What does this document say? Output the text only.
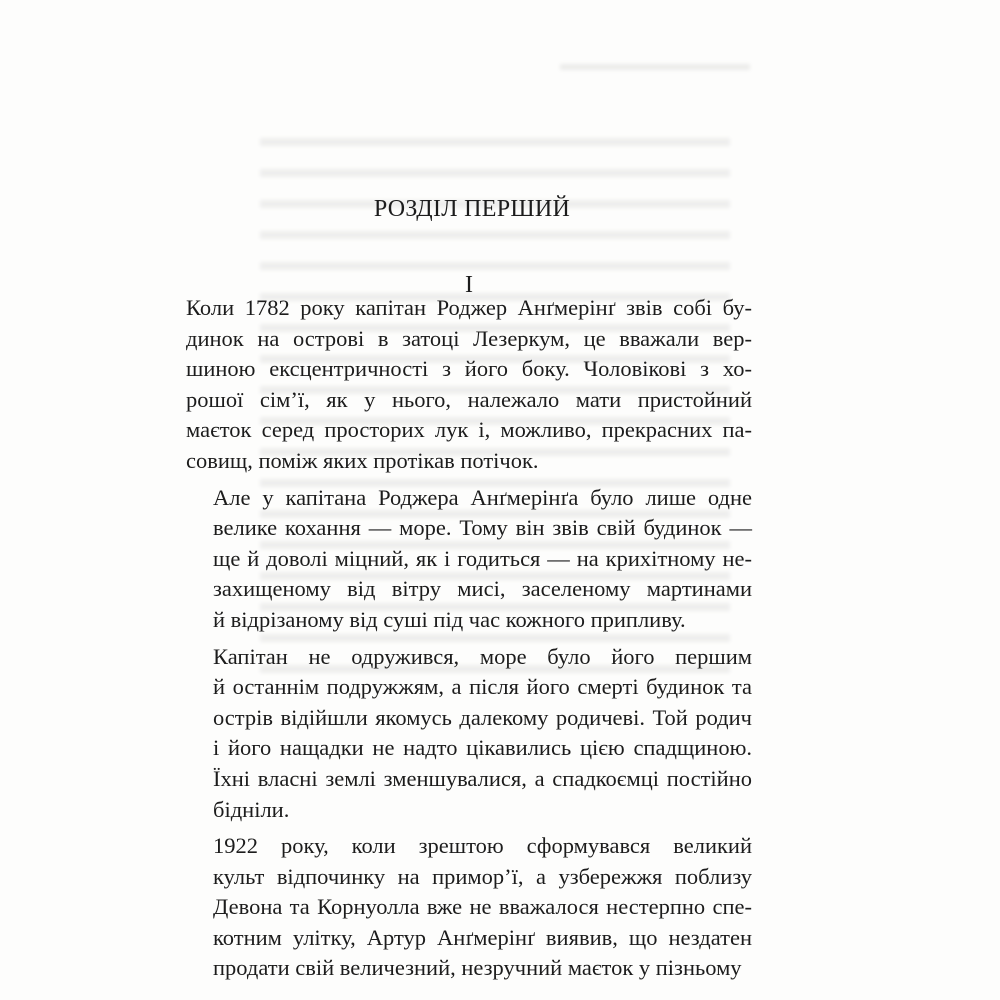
РОЗДІЛ ПЕРШИЙ
I
Коли 1782 року капітан Роджер Анґмерінґ звів собі бу-
динок на острові в затоці Лезеркум, це вважали вер-
шиною ексцентричності з його боку. Чоловікові з хо-
рошої сім’ї, як у нього, належало мати пристойний
маєток серед просторих лук і, можливо, прекрасних па-
совищ, поміж яких протікав потічок.
Але у капітана Роджера Анґмерінґа було лише одне
велике кохання — море. Тому він звів свій будинок —
ще й доволі міцний, як і годиться — на крихітному не-
захищеному від вітру мисі, заселеному мартинами
й відрізаному від суші під час кожного припливу.
Капітан не одружився, море було його першим
й останнім подружжям, а після його смерті будинок та
острів відійшли якомусь далекому родичеві. Той родич
і його нащадки не надто цікавились цією спадщиною.
Їхні власні землі зменшувалися, а спадкоємці постійно
бідніли.
1922 року, коли зрештою сформувався великий
культ відпочинку на примор’ї, а узбережжя поблизу
Девона та Корнуолла вже не вважалося нестерпно спе-
котним улітку, Артур Анґмерінґ виявив, що нездатен
продати свій величезний, незручний маєток у пізньому
